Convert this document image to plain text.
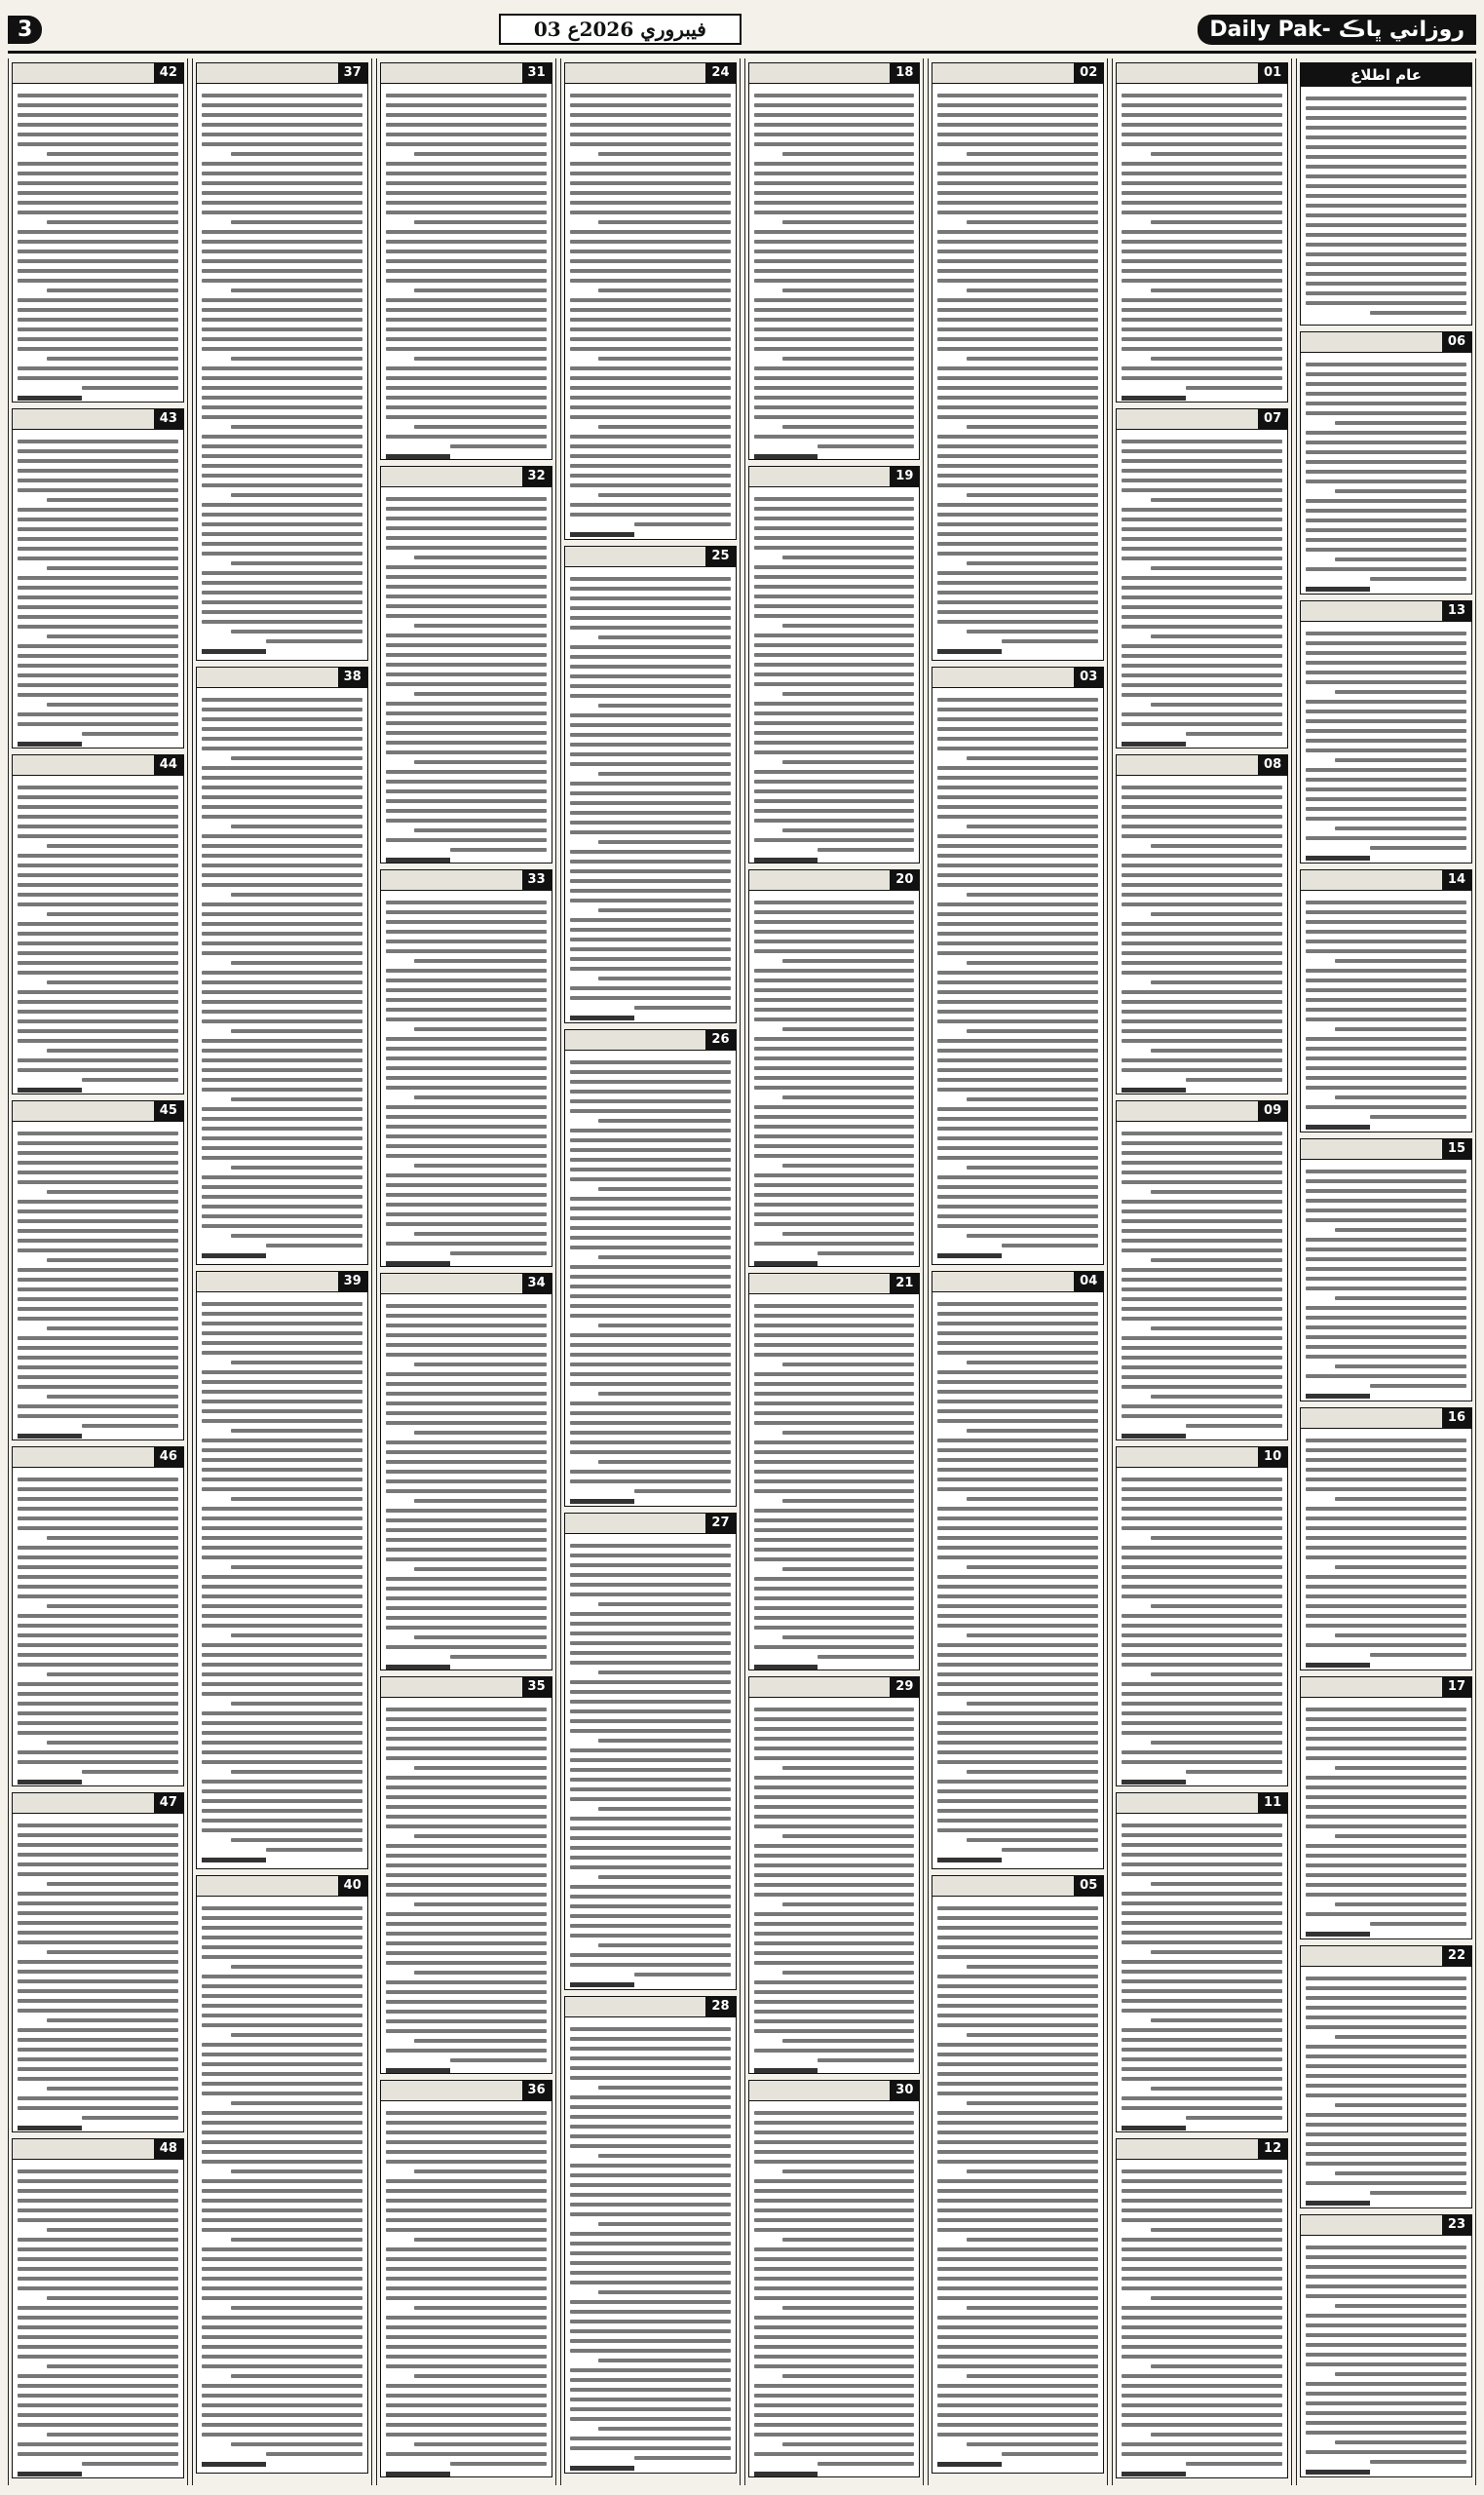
3	03 فيبروري 2026ع	Daily Pak- روزاني ڀاڪ
عام اطلاع
06
13
14
15
16
17
22
23
01
07
08
09
10
11
12
02
03
04
05
18
19
20
21
29
30
24
25
26
27
28
31
32
33
34
35
36
37
38
39
40
42
43
44
45
46
47
48
